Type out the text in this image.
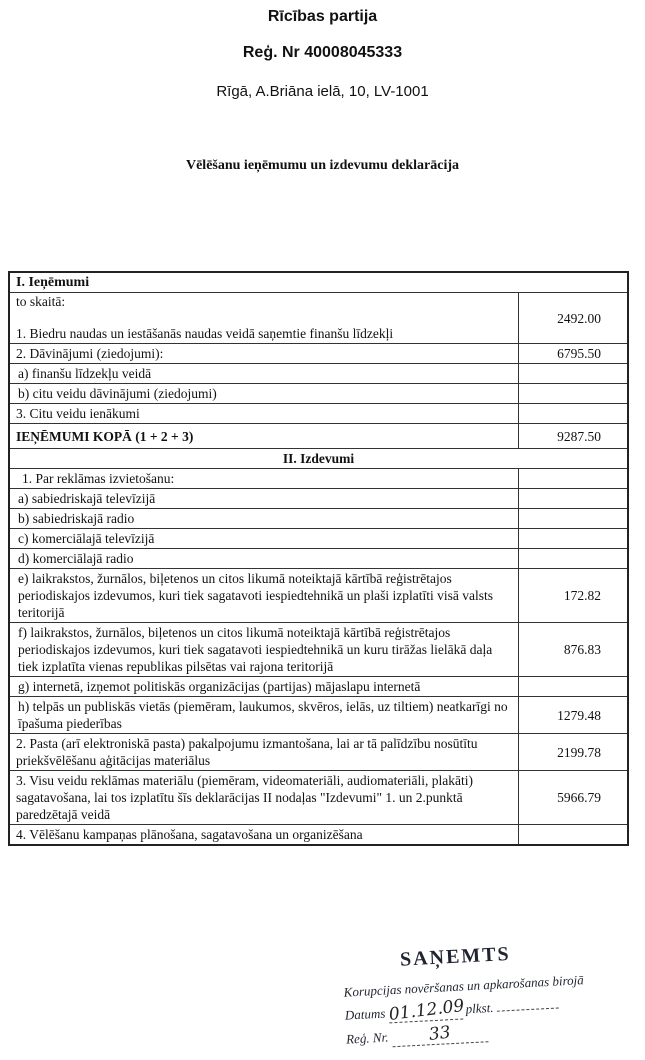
Rīcības partija
Reģ. Nr 40008045333
Rīgā, A.Briāna ielā, 10, LV-1001
Vēlēšanu ieņēmumu un izdevumu deklarācija
I. Ieņēmumi	
to skaitā:

1. Biedru naudas un iestāšanās naudas veidā saņemtie finanšu līdzekļi	2492.00
2. Dāvinājumi (ziedojumi):	6795.50
a) finanšu līdzekļu veidā	
b) citu veidu dāvinājumi (ziedojumi)	
3. Citu veidu ienākumi	
IEŅĒMUMI KOPĀ (1 + 2 + 3)	9287.50
II. Izdevumi	
1. Par reklāmas izvietošanu:	
a) sabiedriskajā televīzijā	
b) sabiedriskajā radio	
c) komerciālajā televīzijā	
d) komerciālajā radio	
e) laikrakstos, žurnālos, biļetenos un citos likumā noteiktajā kārtībā reģistrētajos periodiskajos izdevumos, kuri tiek sagatavoti iespiedtehnikā un plaši izplatīti visā valsts teritorijā	172.82
f) laikrakstos, žurnālos, biļetenos un citos likumā noteiktajā kārtībā reģistrētajos periodiskajos izdevumos, kuri tiek sagatavoti iespiedtehnikā un kuru tirāžas lielākā daļa tiek izplatīta vienas republikas pilsētas vai rajona teritorijā	876.83
g) internetā, izņemot politiskās organizācijas (partijas) mājaslapu internetā	
h) telpās un publiskās vietās (piemēram, laukumos, skvēros, ielās, uz tiltiem) neatkarīgi no īpašuma piederības	1279.48
2. Pasta (arī elektroniskā pasta) pakalpojumu izmantošana, lai ar tā palīdzību nosūtītu priekšvēlēšanu aģitācijas materiālus	2199.78
3. Visu veidu reklāmas materiālu (piemēram, videomateriāli, audiomateriāli, plakāti) sagatavošana, lai tos izplatītu šīs deklarācijas II nodaļas "Izdevumi" 1. un 2.punktā paredzētajā veidā	5966.79
4. Vēlēšanu kampaņas plānošana, sagatavošana un organizēšana	
SAŅEMTS
Korupcijas novēršanas un apkarošanas birojā
Datums 01.12.09 plkst.
Reģ. Nr. 33
